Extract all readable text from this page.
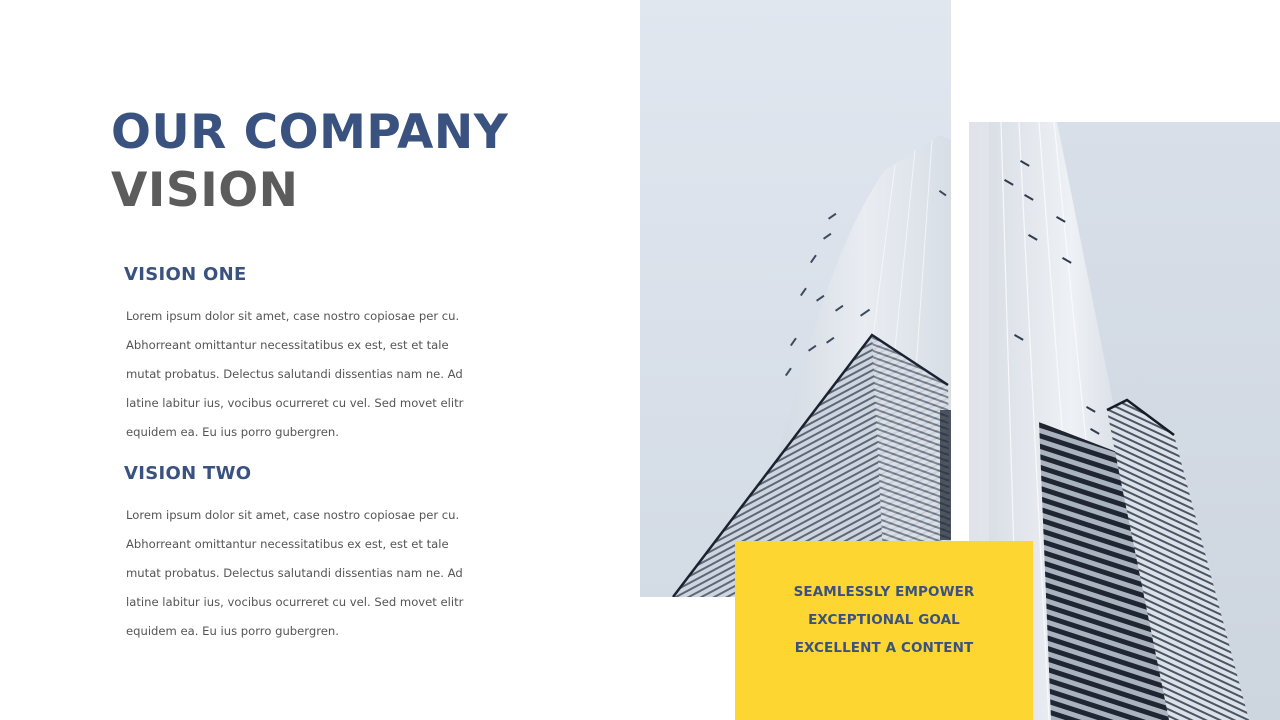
OUR COMPANY
VISION
VISION ONE

Lorem ipsum dolor sit amet, case nostro copiosae per cu. Abhorreant omittantur necessitatibus ex est, est et tale mutat probatus. Delectus salutandi dissentias nam ne. Ad latine labitur ius, vocibus ocurreret cu vel. Sed movet elitr equidem ea. Eu ius porro gubergren.

VISION TWO

Lorem ipsum dolor sit amet, case nostro copiosae per cu. Abhorreant omittantur necessitatibus ex est, est et tale mutat probatus. Delectus salutandi dissentias nam ne. Ad latine labitur ius, vocibus ocurreret cu vel. Sed movet elitr equidem ea. Eu ius porro gubergren.

SEAMLESSLY EMPOWER
EXCEPTIONAL GOAL
EXCELLENT A CONTENT
